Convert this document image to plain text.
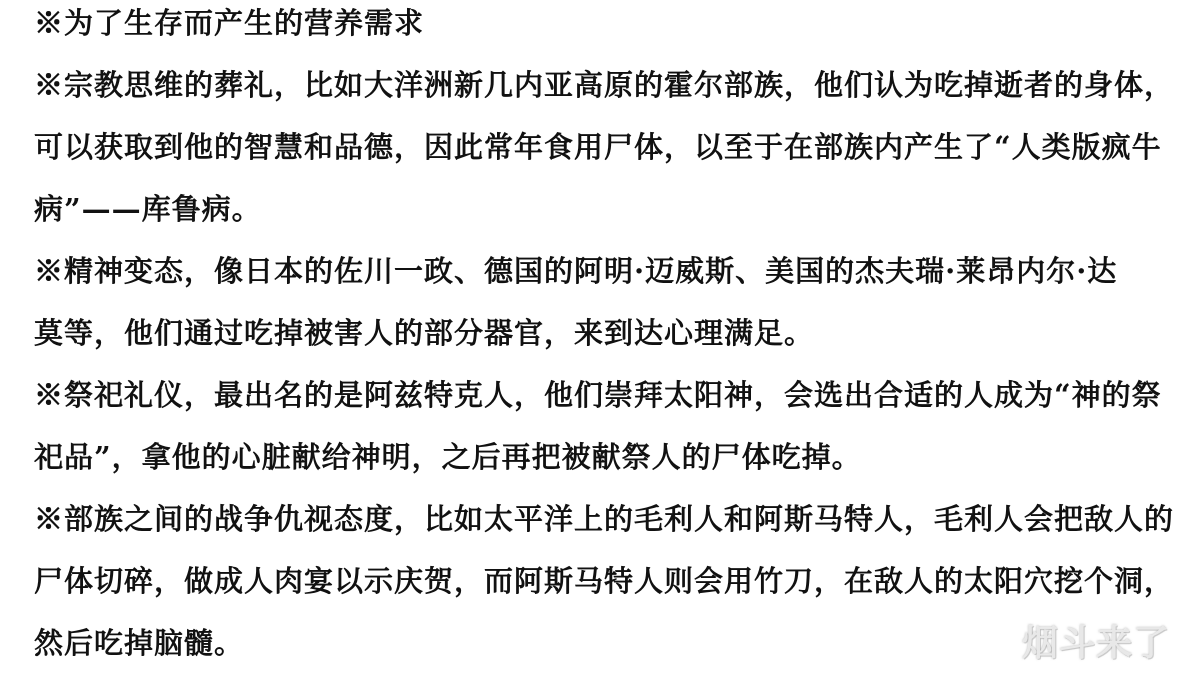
※为了生存而产生的营养需求
※宗教思维的葬礼，比如大洋洲新几内亚高原的霍尔部族，他们认为吃掉逝者的身体，
可以获取到他的智慧和品德，因此常年食用尸体，以至于在部族内产生了“人类版疯牛
病”——库鲁病。
※精神变态，像日本的佐川一政、德国的阿明·迈威斯、美国的杰夫瑞·莱昂内尔·达
莫等，他们通过吃掉被害人的部分器官，来到达心理满足。
※祭祀礼仪，最出名的是阿兹特克人，他们崇拜太阳神，会选出合适的人成为“神的祭
祀品”，拿他的心脏献给神明，之后再把被献祭人的尸体吃掉。
※部族之间的战争仇视态度，比如太平洋上的毛利人和阿斯马特人，毛利人会把敌人的
尸体切碎，做成人肉宴以示庆贺，而阿斯马特人则会用竹刀，在敌人的太阳穴挖个洞，
然后吃掉脑髓。	烟斗来了
